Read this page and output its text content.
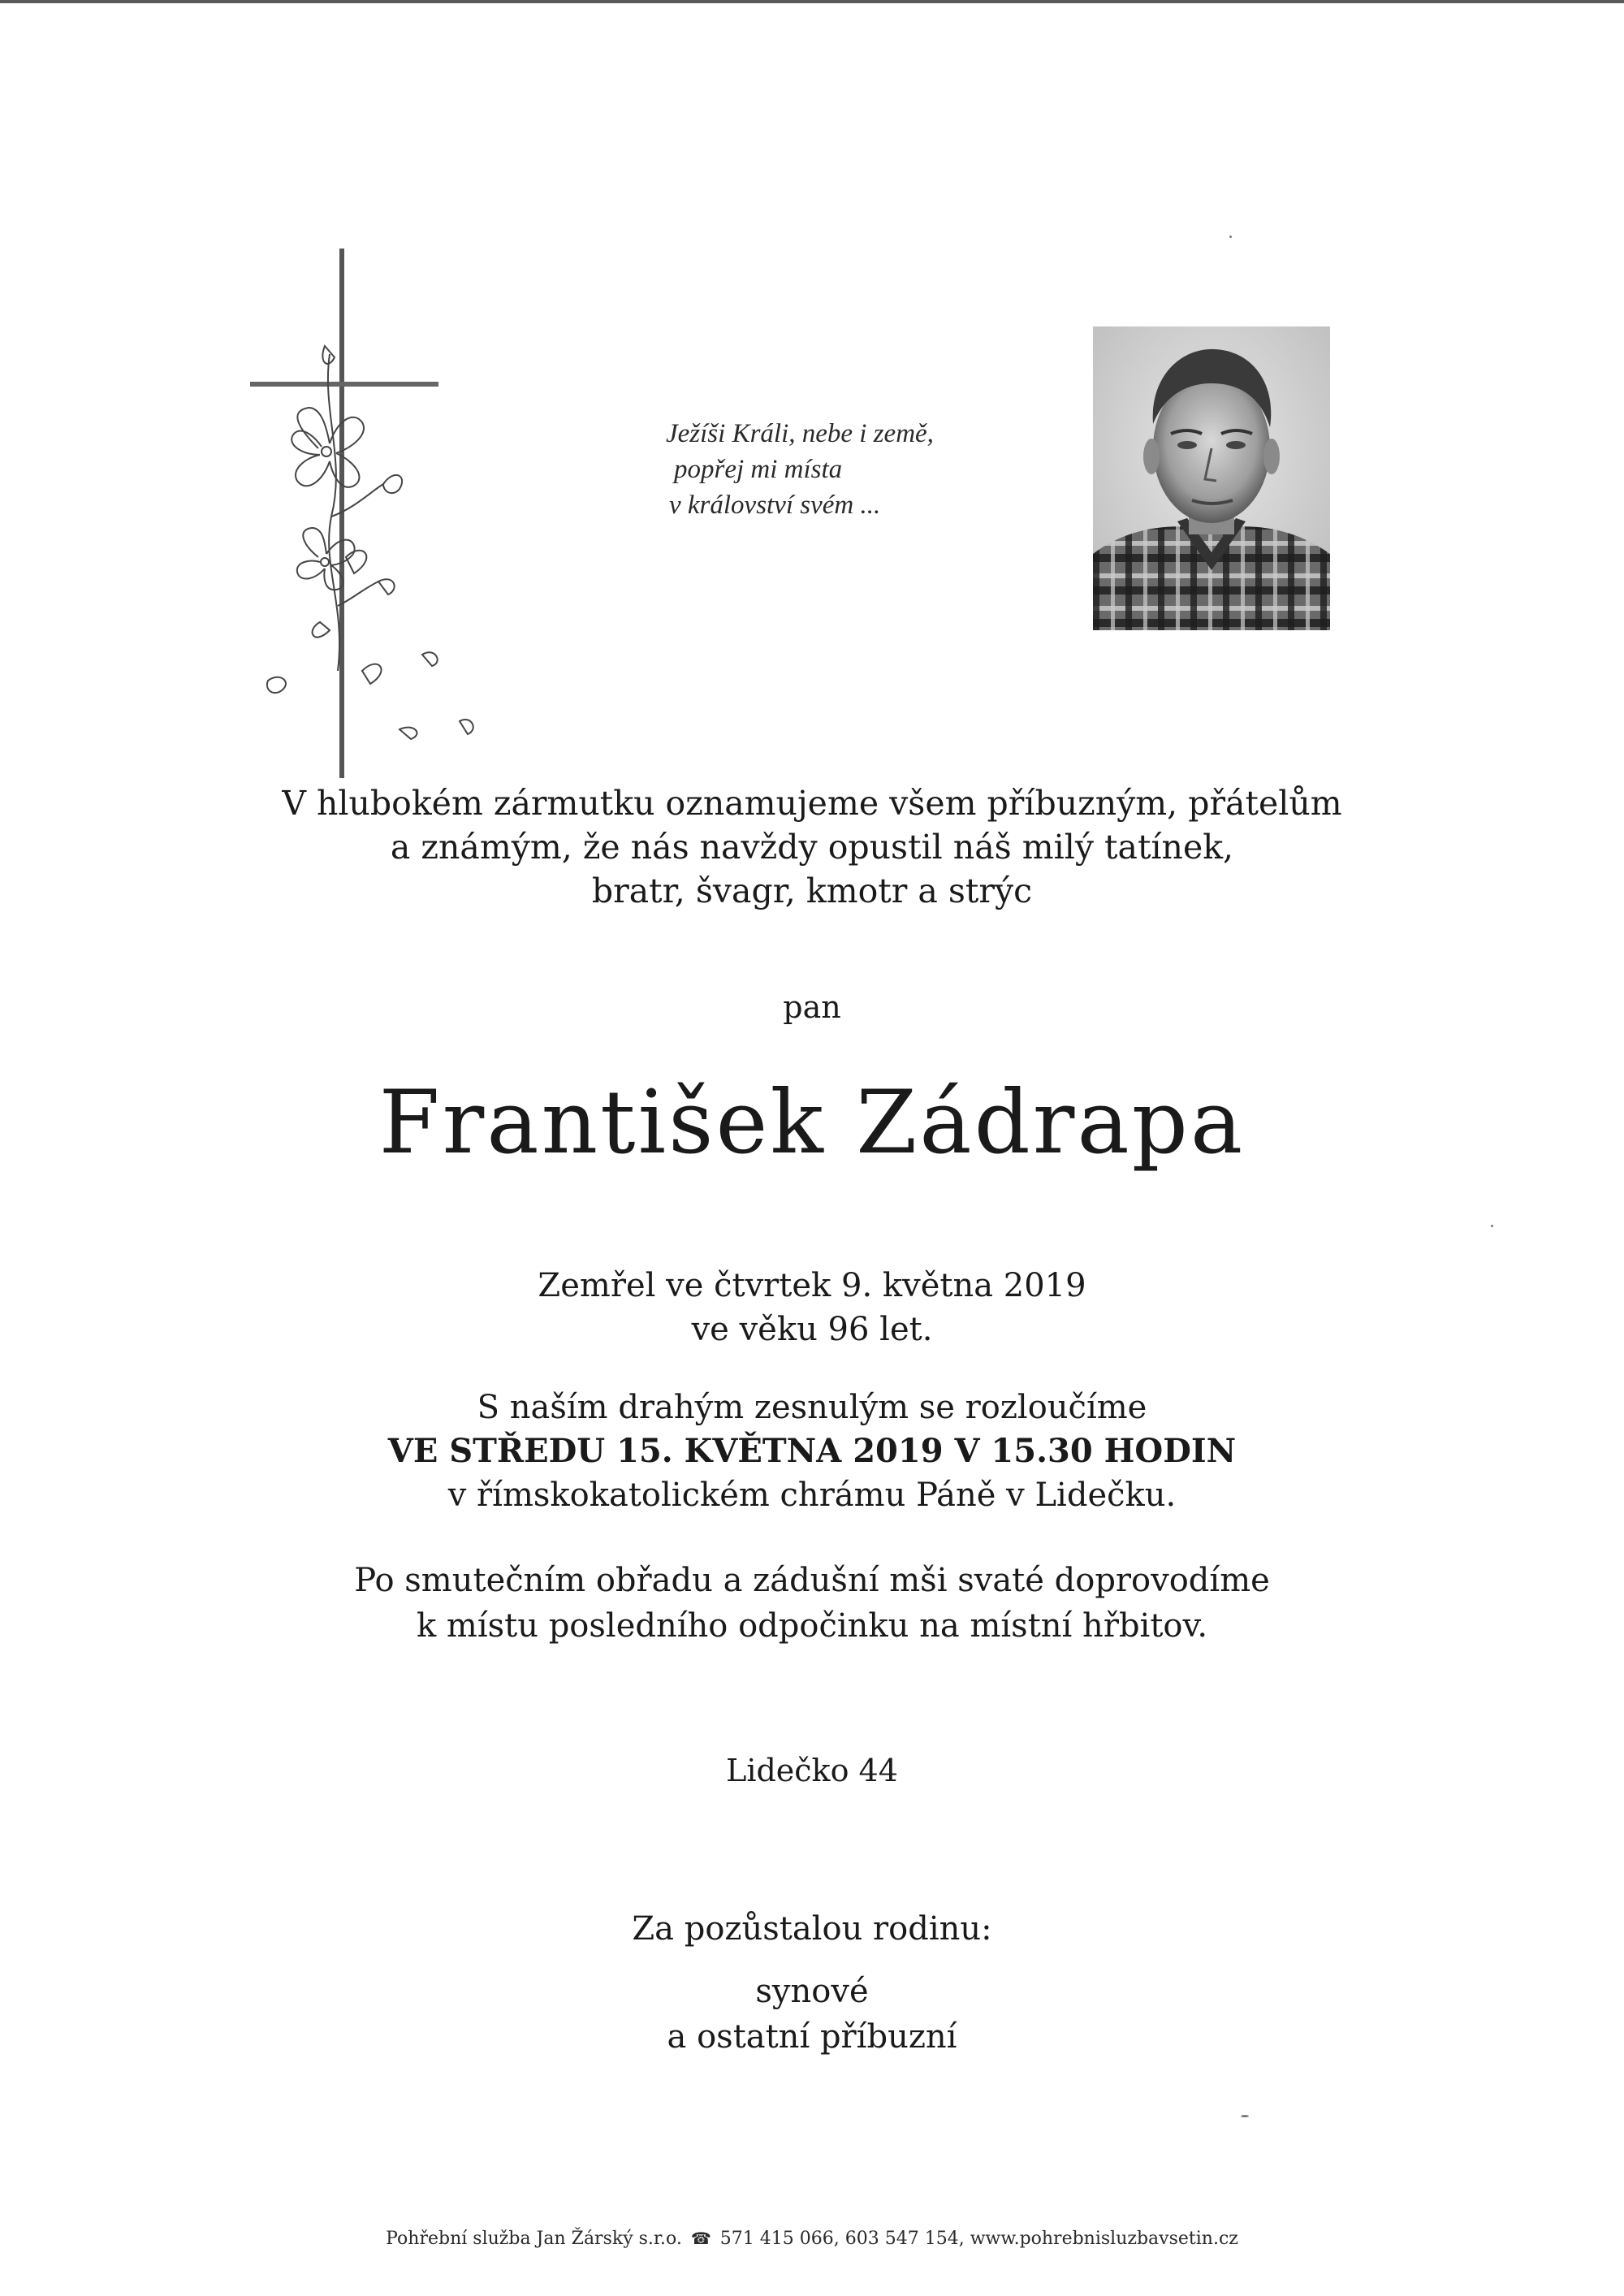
Ježíši Králi, nebe i země,
popřej mi místa
v království svém ...
V hlubokém zármutku oznamujeme všem příbuzným, přátelům
a známým, že nás navždy opustil náš milý tatínek,
bratr, švagr, kmotr a strýc
pan
František Zádrapa
Zemřel ve čtvrtek 9. května 2019
ve věku 96 let.
S naším drahým zesnulým se rozloučíme
VE STŘEDU 15. KVĚTNA 2019 V 15.30 HODIN
v římskokatolickém chrámu Páně v Lidečku.
Po smutečním obřadu a zádušní mši svaté doprovodíme
k místu posledního odpočinku na místní hřbitov.
Lidečko 44
Za pozůstalou rodinu:
synové
a ostatní příbuzní
Pohřební služba Jan Žárský s.r.o. ☎ 571 415 066, 603 547 154, www.pohrebnisluzbavsetin.cz
